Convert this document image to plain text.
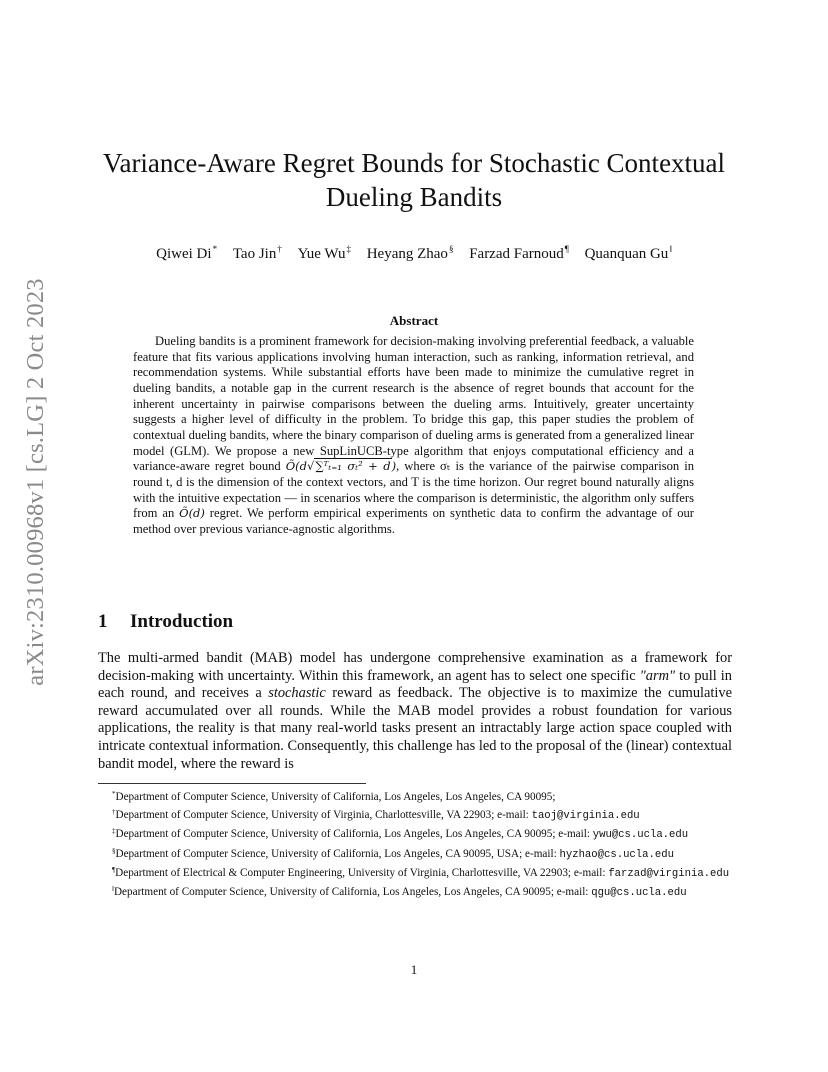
arXiv:2310.00968v1 [cs.LG] 2 Oct 2023
Variance-Aware Regret Bounds for Stochastic Contextual
Dueling Bandits
Qiwei Di* Tao Jin† Yue Wu‡ Heyang Zhao§ Farzad Farnoud¶ Quanquan Gu‖
Abstract

Dueling bandits is a prominent framework for decision-making involving preferential feedback, a valuable feature that fits various applications involving human interaction, such as ranking, information retrieval, and recommendation systems. While substantial efforts have been made to minimize the cumulative regret in dueling bandits, a notable gap in the current research is the absence of regret bounds that account for the inherent uncertainty in pairwise comparisons between the dueling arms. Intuitively, greater uncertainty suggests a higher level of difficulty in the problem. To bridge this gap, this paper studies the problem of contextual dueling bandits, where the binary comparison of dueling arms is generated from a generalized linear model (GLM). We propose a new SupLinUCB-type algorithm that enjoys computational efficiency and a variance-aware regret bound Õ(d√∑ᵀₜ₌₁ σₜ² + d), where σₜ is the variance of the pairwise comparison in round t, d is the dimension of the context vectors, and T is the time horizon. Our regret bound naturally aligns with the intuitive expectation — in scenarios where the comparison is deterministic, the algorithm only suffers from an Õ(d) regret. We perform empirical experiments on synthetic data to confirm the advantage of our method over previous variance-agnostic algorithms.

1 Introduction

The multi-armed bandit (MAB) model has undergone comprehensive examination as a framework for decision-making with uncertainty. Within this framework, an agent has to select one specific "arm" to pull in each round, and receives a stochastic reward as feedback. The objective is to maximize the cumulative reward accumulated over all rounds. While the MAB model provides a robust foundation for various applications, the reality is that many real-world tasks present an intractably large action space coupled with intricate contextual information. Consequently, this challenge has led to the proposal of the (linear) contextual bandit model, where the reward is

*Department of Computer Science, University of California, Los Angeles, Los Angeles, CA 90095;

†Department of Computer Science, University of Virginia, Charlottesville, VA 22903; e-mail: taoj@virginia.edu

‡Department of Computer Science, University of California, Los Angeles, Los Angeles, CA 90095; e-mail: ywu@cs.ucla.edu

§Department of Computer Science, University of California, Los Angeles, CA 90095, USA; e-mail: hyzhao@cs.ucla.edu

¶Department of Electrical & Computer Engineering, University of Virginia, Charlottesville, VA 22903; e-mail: farzad@virginia.edu

‖Department of Computer Science, University of California, Los Angeles, Los Angeles, CA 90095; e-mail: qgu@cs.ucla.edu

1
